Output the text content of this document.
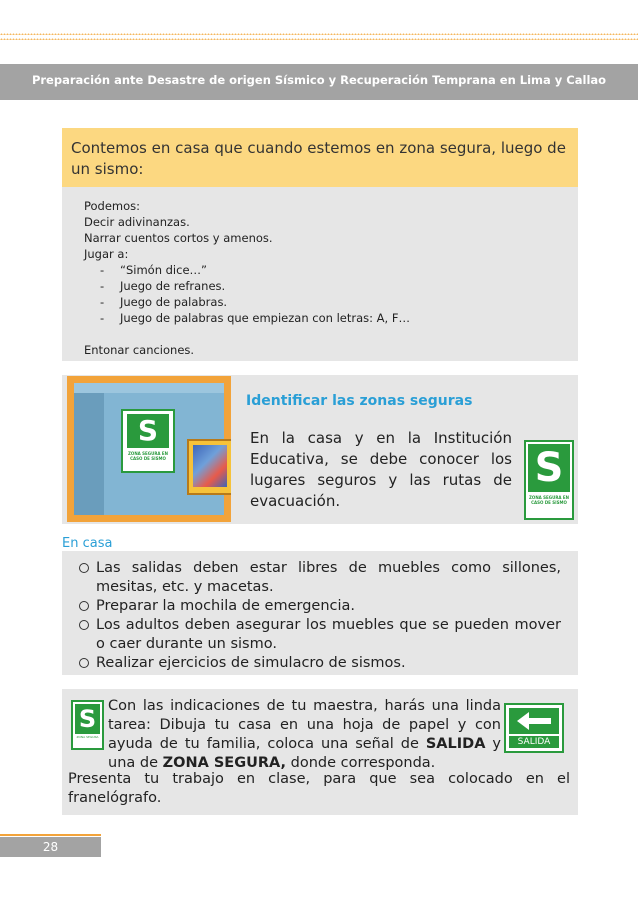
Preparación ante Desastre de origen Sísmico y Recuperación Temprana en Lima y Callao
Contemos en casa que cuando estemos en zona segura, luego de un sismo:
Podemos:
Decir adivinanzas.
Narrar cuentos cortos y amenos.
Jugar a:
- “Simón dice…”
- Juego de refranes.
- Juego de palabras.
- Juego de palabras que empiezan con letras: A, F…
Entonar canciones.
S
ZONA SEGURA EN CASO DE SISMO
Identificar las zonas seguras
En la casa y en la Institución Educativa, se debe conocer los lugares seguros y las rutas de evacuación.
S
ZONA SEGURA EN CASO DE SISMO
En casa
Las salidas deben estar libres de muebles como sillones, mesitas, etc. y macetas.
Preparar la mochila de emergencia.
Los adultos deben asegurar los muebles que se pueden mover o caer durante un sismo.
Realizar ejercicios de simulacro de sismos.
S
ZONA SEGURA	SALIDA
Con las indicaciones de tu maestra, harás una linda tarea: Dibuja tu casa en una hoja de papel y con ayuda de tu familia, coloca una señal de SALIDA y una de ZONA SEGURA, donde corresponda.
Presenta tu trabajo en clase, para que sea colocado en el franelógrafo.
28
